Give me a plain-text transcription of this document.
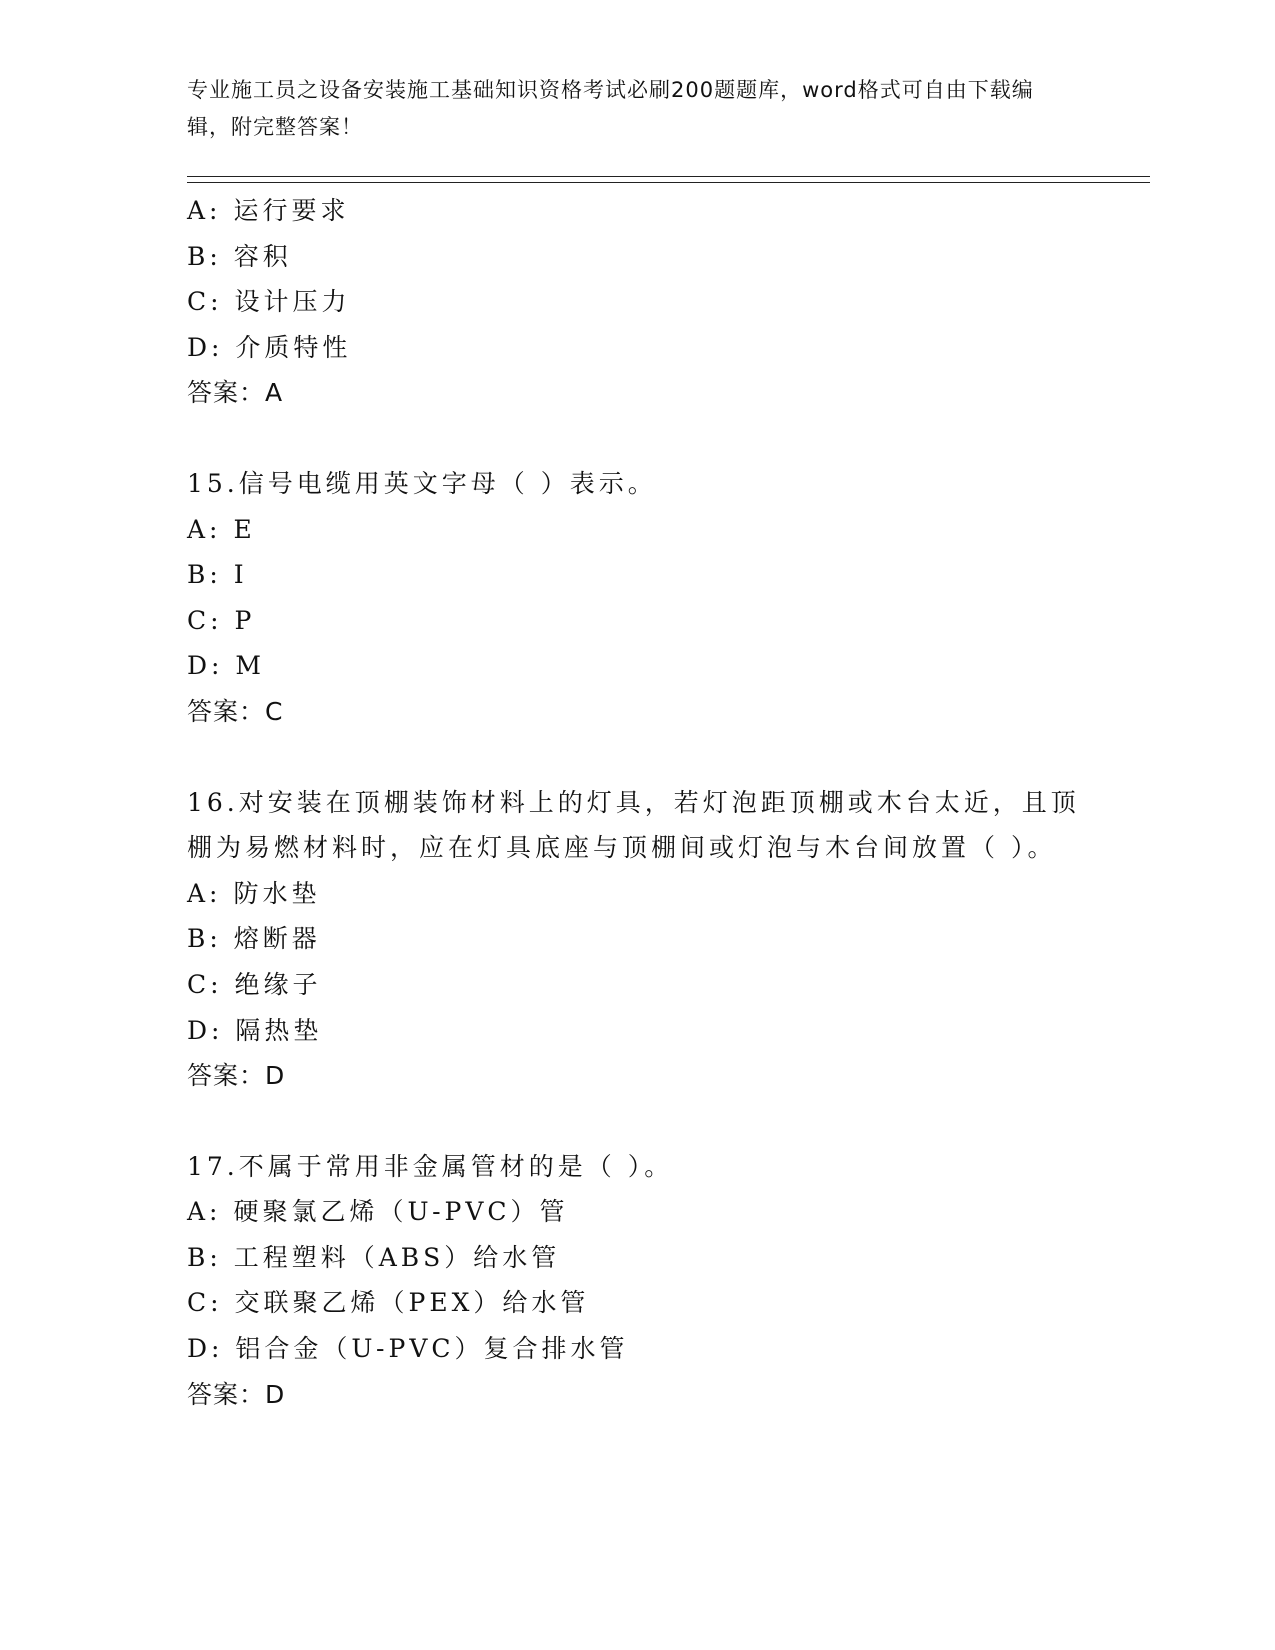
专业施工员之设备安装施工基础知识资格考试必刷200题题库，word格式可自由下载编辑，附完整答案！
A: 运行要求
B: 容积
C: 设计压力
D: 介质特性
答案：A
15.信号电缆用英文字母（ ）表示。
A: E
B: I
C: P
D: M
答案：C
16.对安装在顶棚装饰材料上的灯具，若灯泡距顶棚或木台太近，且顶棚为易燃材料时，应在灯具底座与顶棚间或灯泡与木台间放置（ ）。
A: 防水垫
B: 熔断器
C: 绝缘子
D: 隔热垫
答案：D
17.不属于常用非金属管材的是（ ）。
A: 硬聚氯乙烯（U-PVC）管
B: 工程塑料（ABS）给水管
C: 交联聚乙烯（PEX）给水管
D: 铝合金（U-PVC）复合排水管
答案：D
